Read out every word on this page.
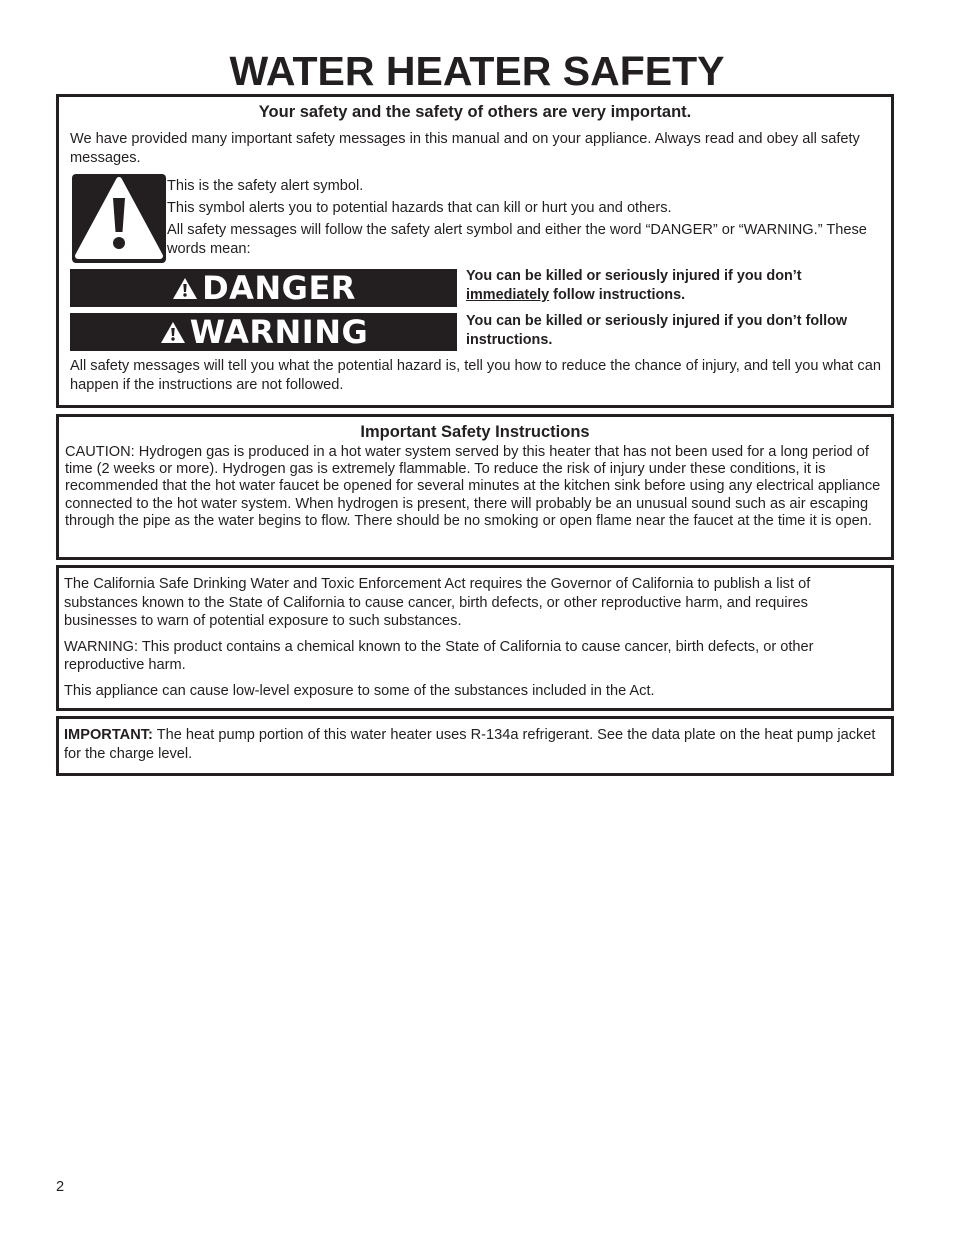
WATER HEATER SAFETY
Your safety and the safety of others are very important.
We have provided many important safety messages in this manual and on your appliance. Always read and obey all safety messages.

This is the safety alert symbol.

This symbol alerts you to potential hazards that can kill or hurt you and others.

All safety messages will follow the safety alert symbol and either the word “DANGER” or “WARNING.” These words mean:

DANGER	You can be killed or seriously injured if you don’t immediately follow instructions.
WARNING	You can be killed or seriously injured if you don’t follow instructions.
All safety messages will tell you what the potential hazard is, tell you how to reduce the chance of injury, and tell you what can happen if the instructions are not followed.
Important Safety Instructions
CAUTION: Hydrogen gas is produced in a hot water system served by this heater that has not been used for a long period of time (2 weeks or more). Hydrogen gas is extremely flammable. To reduce the risk of injury under these conditions, it is recommended that the hot water faucet be opened for several minutes at the kitchen sink before using any electrical appliance connected to the hot water system. When hydrogen is present, there will probably be an unusual sound such as air escaping through the pipe as the water begins to flow. There should be no smoking or open flame near the faucet at the time it is open.

The California Safe Drinking Water and Toxic Enforcement Act requires the Governor of California to publish a list of substances known to the State of California to cause cancer, birth defects, or other reproductive harm, and requires businesses to warn of potential exposure to such substances.

WARNING: This product contains a chemical known to the State of California to cause cancer, birth defects, or other reproductive harm.

This appliance can cause low-level exposure to some of the substances included in the Act.

IMPORTANT: The heat pump portion of this water heater uses R-134a refrigerant. See the data plate on the heat pump jacket for the charge level.

2
